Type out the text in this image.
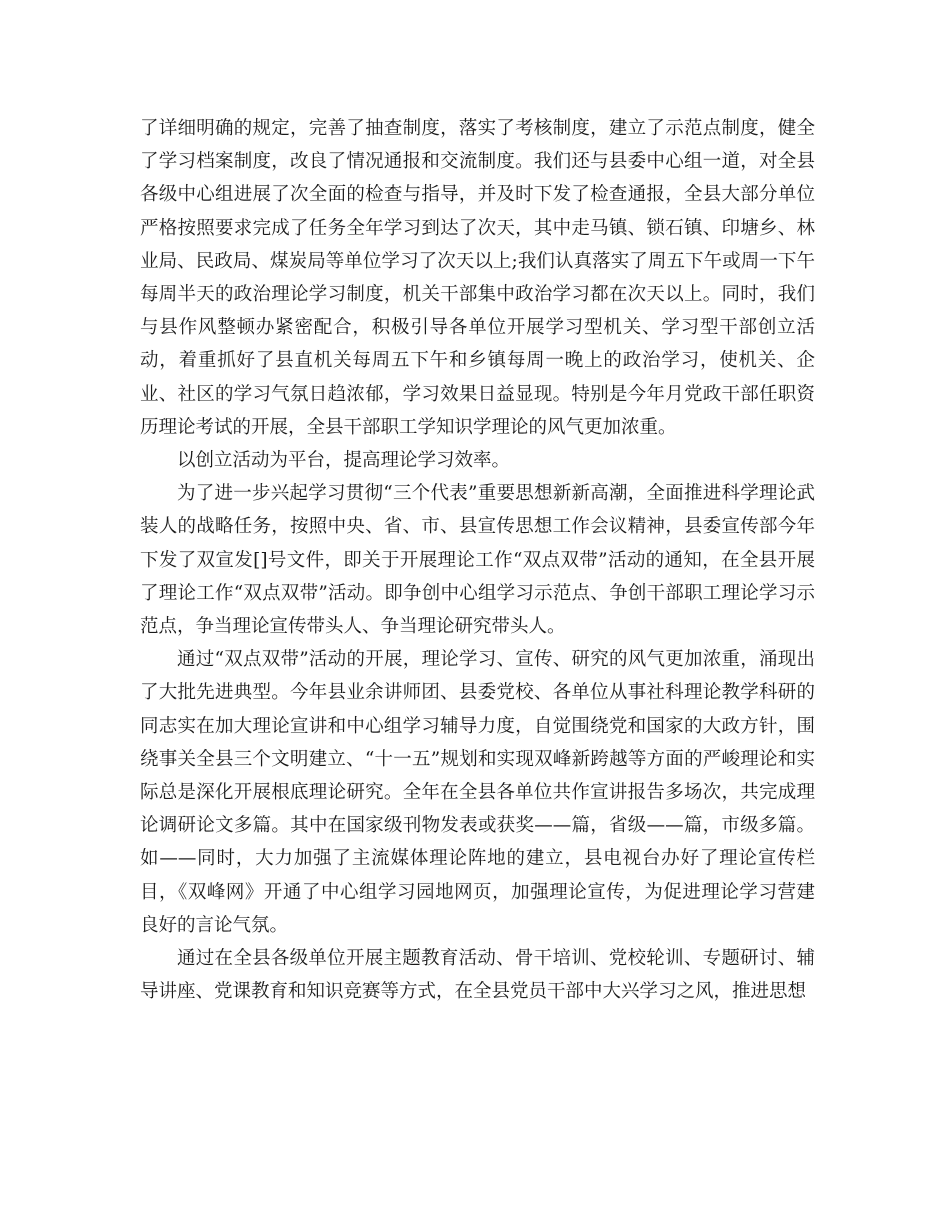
了详细明确的规定，完善了抽查制度，落实了考核制度，建立了示范点制度，健全了学习档案制度，改良了情况通报和交流制度。我们还与县委中心组一道，对全县各级中心组进展了次全面的检查与指导，并及时下发了检查通报，全县大部分单位严格按照要求完成了任务全年学习到达了次天，其中走马镇、锁石镇、印塘乡、林业局、民政局、煤炭局等单位学习了次天以上;我们认真落实了周五下午或周一下午每周半天的政治理论学习制度，机关干部集中政治学习都在次天以上。同时，我们与县作风整顿办紧密配合，积极引导各单位开展学习型机关、学习型干部创立活动，着重抓好了县直机关每周五下午和乡镇每周一晚上的政治学习，使机关、企业、社区的学习气氛日趋浓郁，学习效果日益显现。特别是今年月党政干部任职资历理论考试的开展，全县干部职工学知识学理论的风气更加浓重。

以创立活动为平台，提高理论学习效率。

为了进一步兴起学习贯彻“三个代表”重要思想新新高潮，全面推进科学理论武装人的战略任务，按照中央、省、市、县宣传思想工作会议精神，县委宣传部今年下发了双宣发[]号文件，即关于开展理论工作“双点双带”活动的通知，在全县开展了理论工作“双点双带”活动。即争创中心组学习示范点、争创干部职工理论学习示范点，争当理论宣传带头人、争当理论研究带头人。

通过“双点双带”活动的开展，理论学习、宣传、研究的风气更加浓重，涌现出了大批先进典型。今年县业余讲师团、县委党校、各单位从事社科理论教学科研的同志实在加大理论宣讲和中心组学习辅导力度，自觉围绕党和国家的大政方针，围绕事关全县三个文明建立、“十一五”规划和实现双峰新跨越等方面的严峻理论和实际总是深化开展根底理论研究。全年在全县各单位共作宣讲报告多场次，共完成理论调研论文多篇。其中在国家级刊物发表或获奖——篇，省级——篇，市级多篇。如——同时，大力加强了主流媒体理论阵地的建立，县电视台办好了理论宣传栏目，《双峰网》开通了中心组学习园地网页，加强理论宣传，为促进理论学习营建良好的言论气氛。

通过在全县各级单位开展主题教育活动、骨干培训、党校轮训、专题研讨、辅导讲座、党课教育和知识竞赛等方式，在全县党员干部中大兴学习之风，推进思想
